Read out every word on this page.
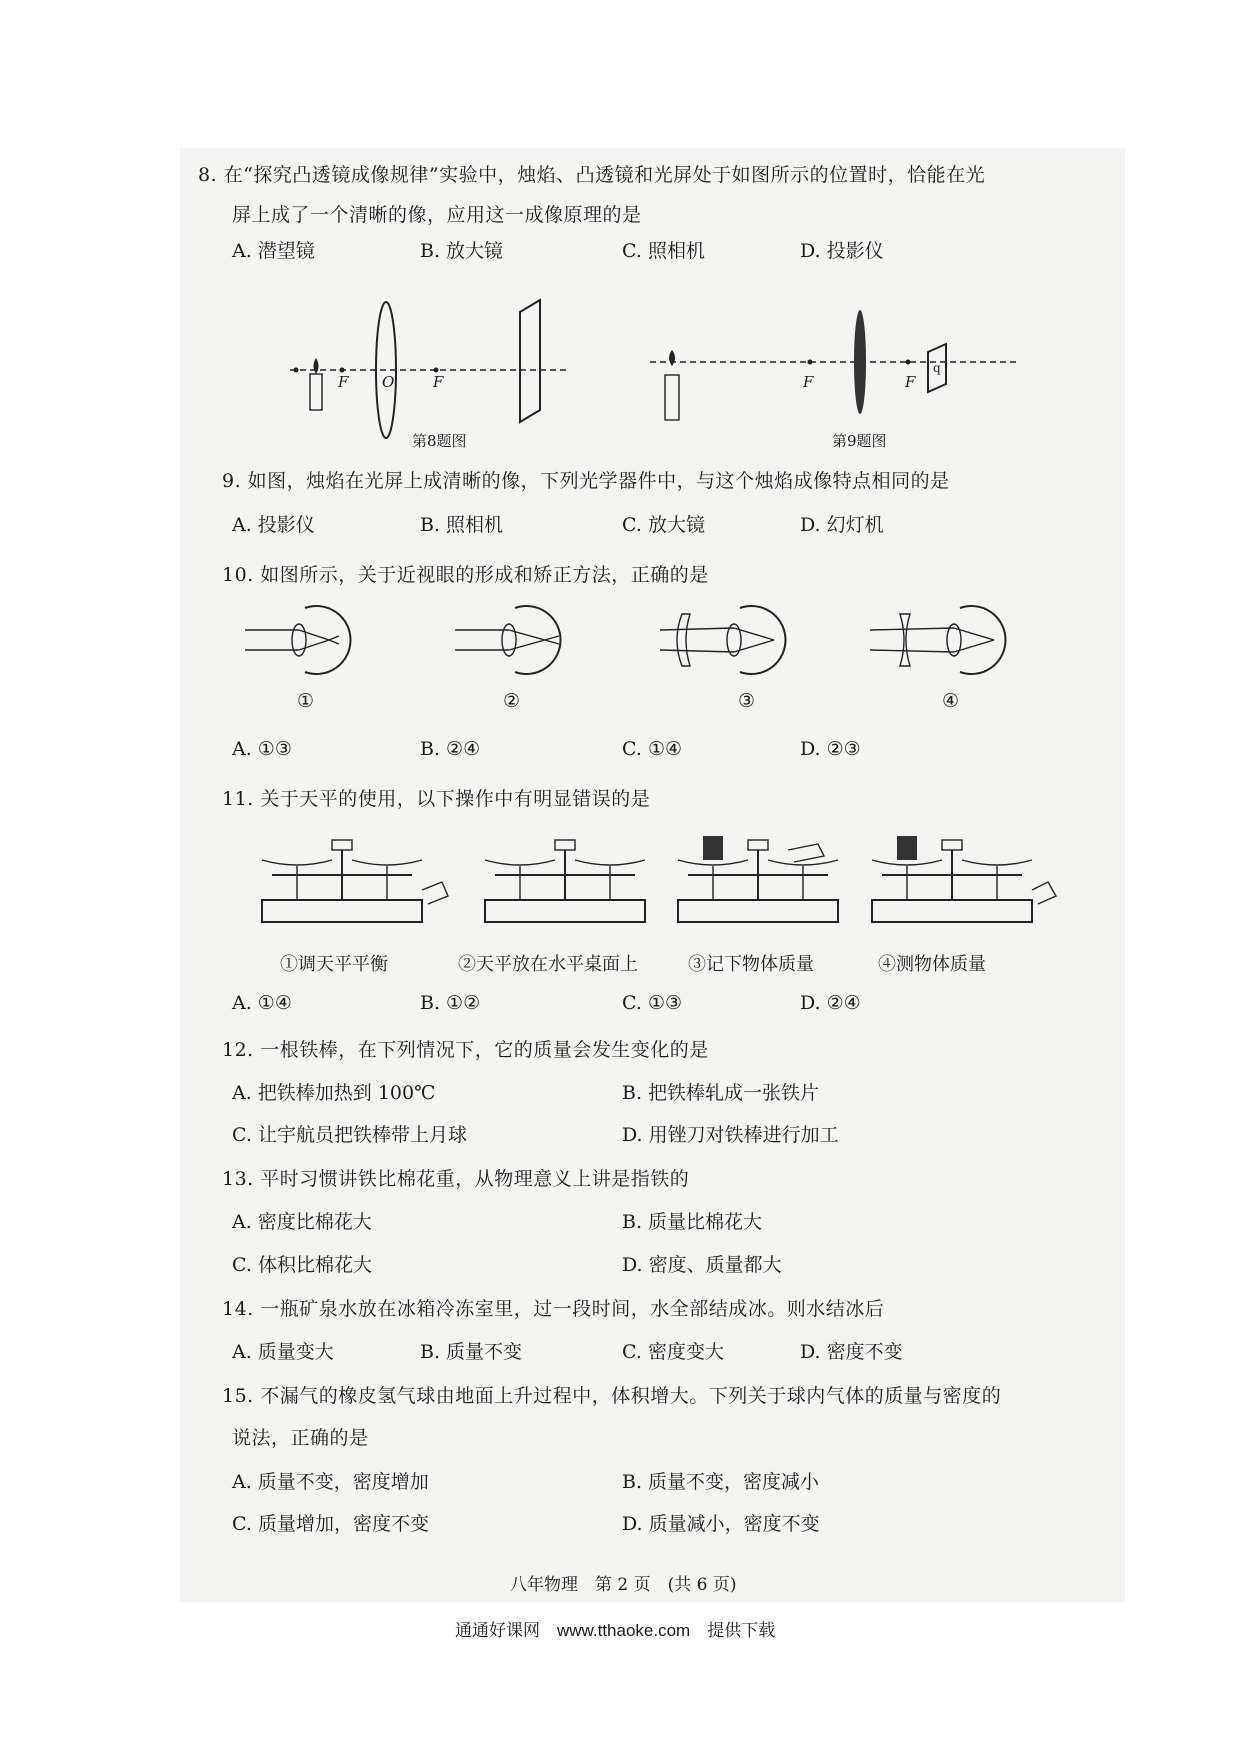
8. 在“探究凸透镜成像规律”实验中，烛焰、凸透镜和光屏处于如图所示的位置时，恰能在光
屏上成了一个清晰的像，应用这一成像原理的是
A. 潜望镜	B. 放大镜	C. 照相机	D. 投影仪
F O	F
第8题图
q
F	F
第9题图
9. 如图，烛焰在光屏上成清晰的像，下列光学器件中，与这个烛焰成像特点相同的是
A. 投影仪	B. 照相机	C. 放大镜	D. 幻灯机
10. 如图所示，关于近视眼的形成和矫正方法，正确的是
①	②	③	④
A. ①③	B. ②④	C. ①④	D. ②③
11. 关于天平的使用，以下操作中有明显错误的是
①调天平平衡	②天平放在水平桌面上	③记下物体质量	④测物体质量
A. ①④	B. ①②	C. ①③	D. ②④
12. 一根铁棒，在下列情况下，它的质量会发生变化的是
A. 把铁棒加热到 100℃	B. 把铁棒轧成一张铁片
C. 让宇航员把铁棒带上月球	D. 用锉刀对铁棒进行加工
13. 平时习惯讲铁比棉花重，从物理意义上讲是指铁的
A. 密度比棉花大	B. 质量比棉花大
C. 体积比棉花大	D. 密度、质量都大
14. 一瓶矿泉水放在冰箱冷冻室里，过一段时间，水全部结成冰。则水结冰后
A. 质量变大	B. 质量不变	C. 密度变大	D. 密度不变
15. 不漏气的橡皮氢气球由地面上升过程中，体积增大。下列关于球内气体的质量与密度的
说法，正确的是
A. 质量不变，密度增加	B. 质量不变，密度减小
C. 质量增加，密度不变	D. 质量减小，密度不变
八年物理　第 2 页　(共 6 页)
通通好课网　www.tthaoke.com　提供下载
